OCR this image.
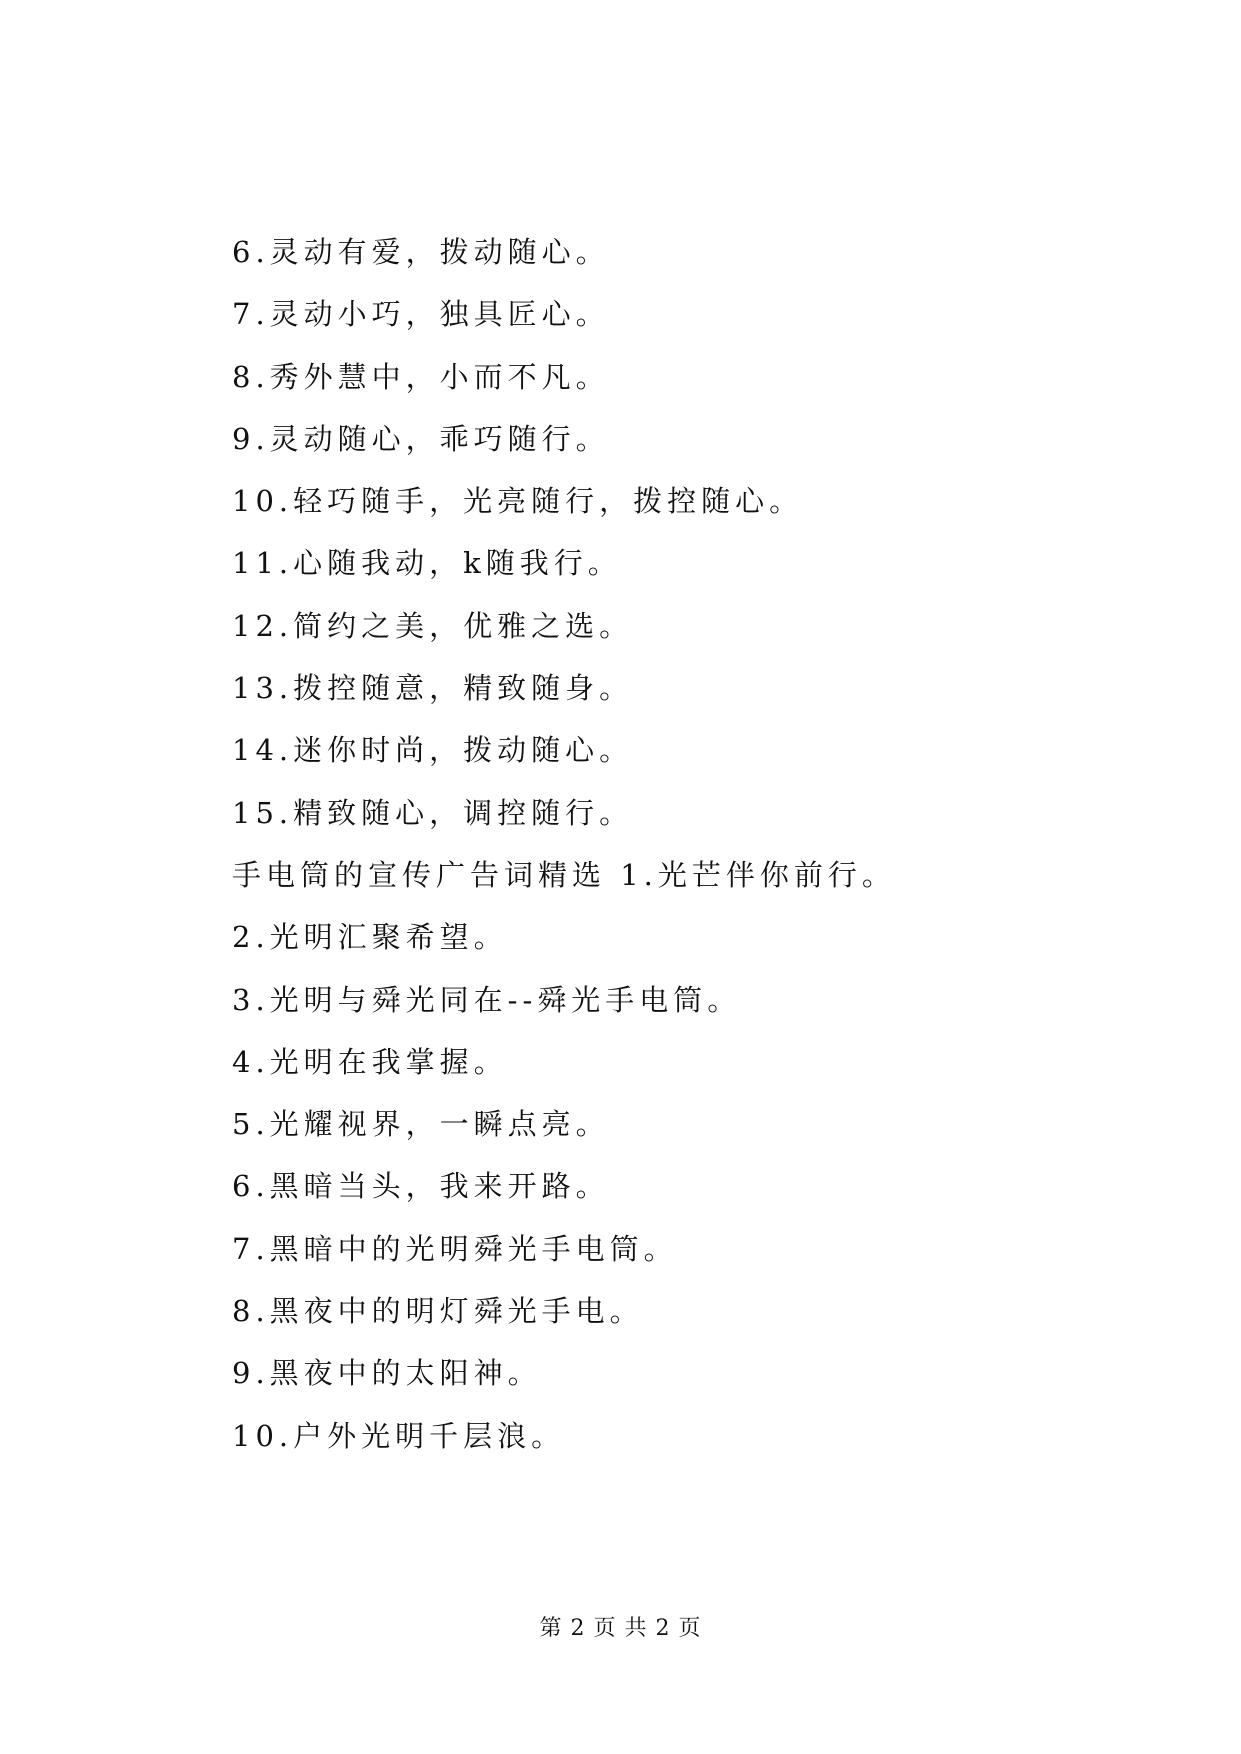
6.灵动有爱，拨动随心。
7.灵动小巧，独具匠心。
8.秀外慧中，小而不凡。
9.灵动随心，乖巧随行。
10.轻巧随手，光亮随行，拨控随心。
11.心随我动，k随我行。
12.简约之美，优雅之选。
13.拨控随意，精致随身。
14.迷你时尚，拨动随心。
15.精致随心，调控随行。
手电筒的宣传广告词精选 1.光芒伴你前行。
2.光明汇聚希望。
3.光明与舜光同在--舜光手电筒。
4.光明在我掌握。
5.光耀视界，一瞬点亮。
6.黑暗当头，我来开路。
7.黑暗中的光明舜光手电筒。
8.黑夜中的明灯舜光手电。
9.黑夜中的太阳神。
10.户外光明千层浪。
第 2 页 共 2 页
